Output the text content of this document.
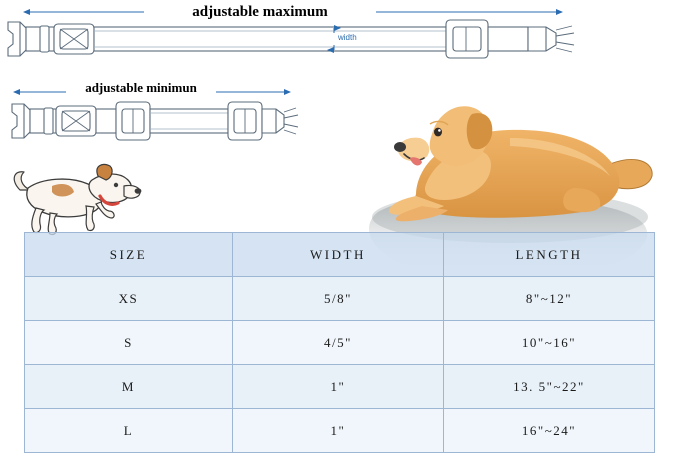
adjustable maximum
adjustable minimun
width
SIZE	WIDTH	LENGTH
XS	5/8"	8"~12"
S	4/5"	10"~16"
M	1"	13. 5"~22"
L	1"	16"~24"
